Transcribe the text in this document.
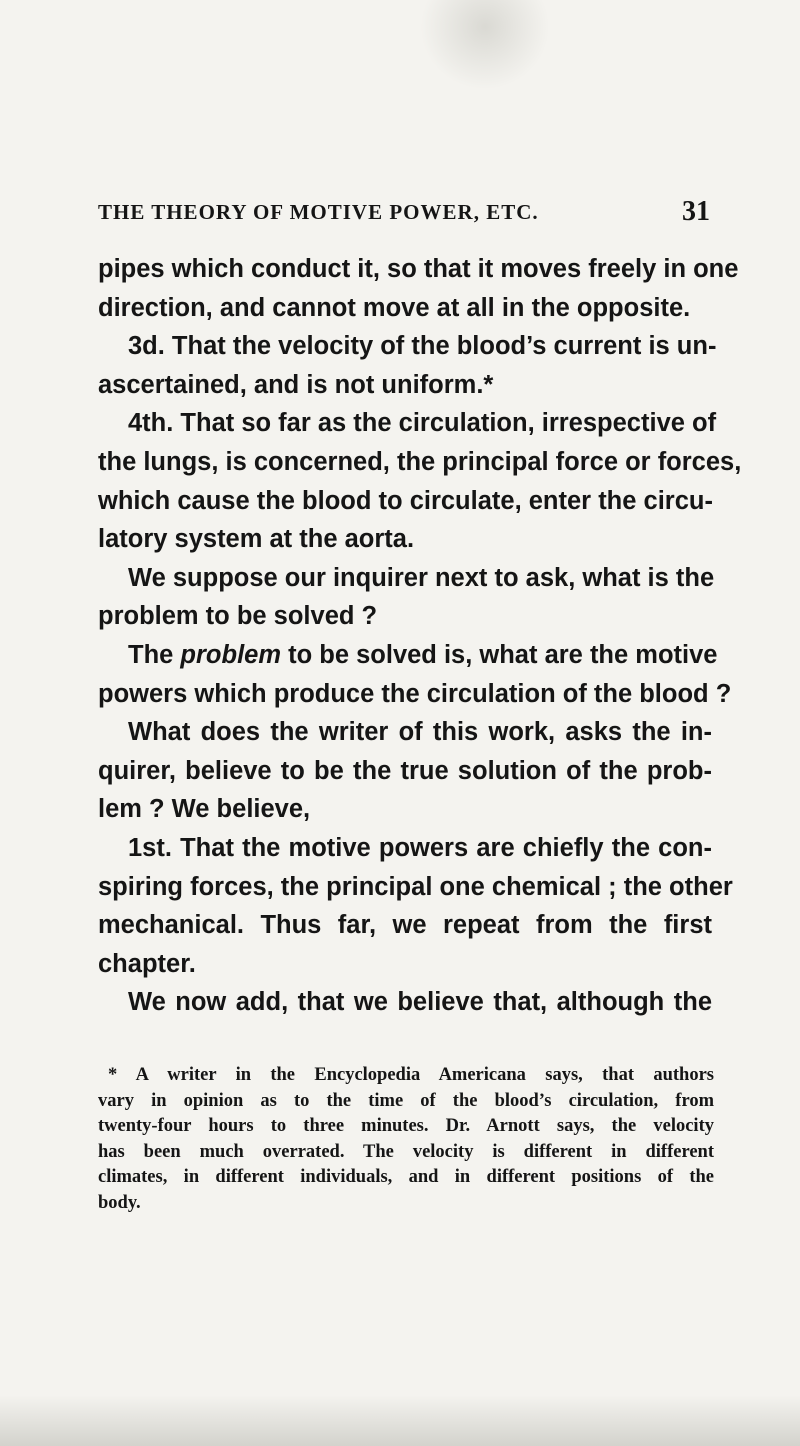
THE THEORY OF MOTIVE POWER, ETC.	31
pipes which conduct it, so that it moves freely in one
direction, and cannot move at all in the opposite.
3d. That the velocity of the blood’s current is un-
ascertained, and is not uniform.*
4th. That so far as the circulation, irrespective of
the lungs, is concerned, the principal force or forces,
which cause the blood to circulate, enter the circu-
latory system at the aorta.
We suppose our inquirer next to ask, what is the
problem to be solved ?
The problem to be solved is, what are the motive
powers which produce the circulation of the blood ?
What does the writer of this work, asks the in-
quirer, believe to be the true solution of the prob-
lem ? We believe,
1st. That the motive powers are chiefly the con-
spiring forces, the principal one chemical ; the other
mechanical. Thus far, we repeat from the first
chapter.
We now add, that we believe that, although the
* A writer in the Encyclopedia Americana says, that authors
vary in opinion as to the time of the blood’s circulation, from
twenty-four hours to three minutes. Dr. Arnott says, the velocity
has been much overrated. The velocity is different in different
climates, in different individuals, and in different positions of the
body.
